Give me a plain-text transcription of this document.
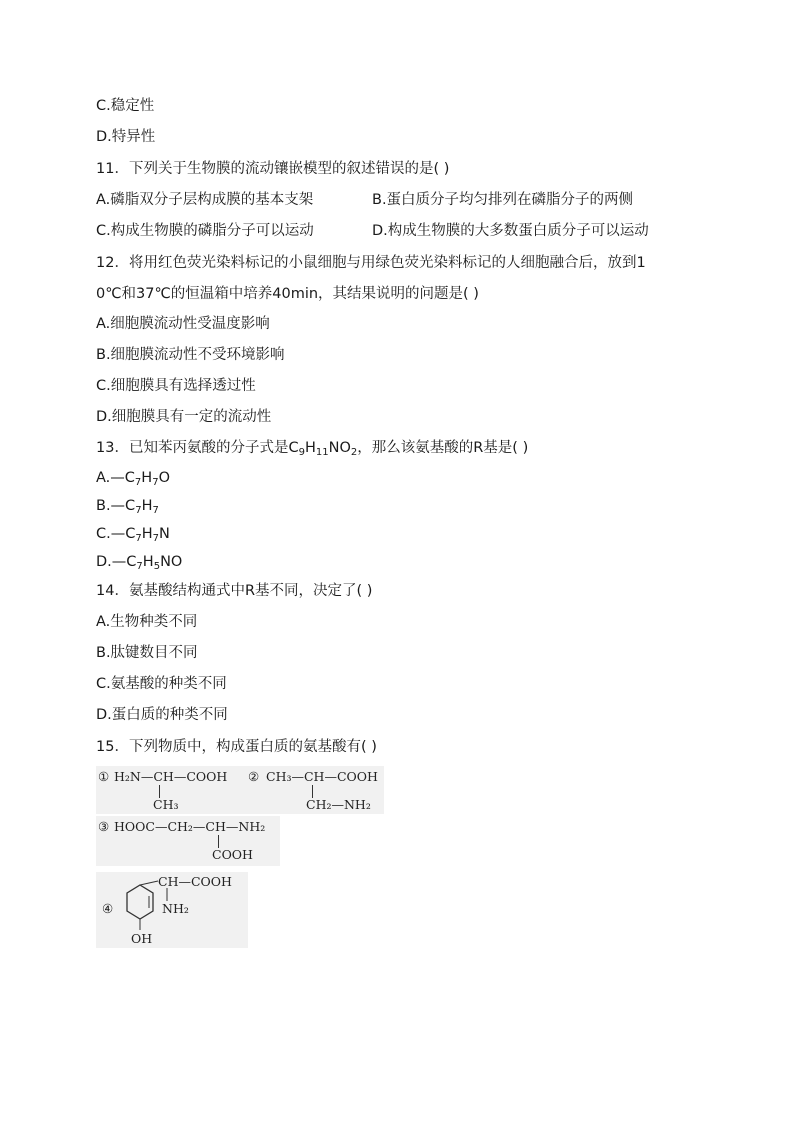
C.稳定性
D.特异性
11．下列关于生物膜的流动镶嵌模型的叙述错误的是( )
A.磷脂双分子层构成膜的基本支架	B.蛋白质分子均匀排列在磷脂分子的两侧
C.构成生物膜的磷脂分子可以运动	D.构成生物膜的大多数蛋白质分子可以运动
12．将用红色荧光染料标记的小鼠细胞与用绿色荧光染料标记的人细胞融合后，放到1
0℃和37℃的恒温箱中培养40min，其结果说明的问题是( )
A.细胞膜流动性受温度影响
B.细胞膜流动性不受环境影响
C.细胞膜具有选择透过性
D.细胞膜具有一定的流动性
13．已知苯丙氨酸的分子式是$C_9H_{11}NO_2$，那么该氨基酸的R基是( )
$A.—C_7H_7O$
$B.—C_7H_7$
$C.—C_7H_7N$
$D.—C_7H_5NO$
14．氨基酸结构通式中R基不同，决定了( )
A.生物种类不同
B.肽键数目不同
C.氨基酸的种类不同
D.蛋白质的种类不同
15．下列物质中，构成蛋白质的氨基酸有( )
① H₂N—CH—COOH
CH₃
② CH₃—CH—COOH
CH₂—NH₂
③ HOOC—CH₂—CH—NH₂
COOH
④
CH—COOH
NH₂
OH
